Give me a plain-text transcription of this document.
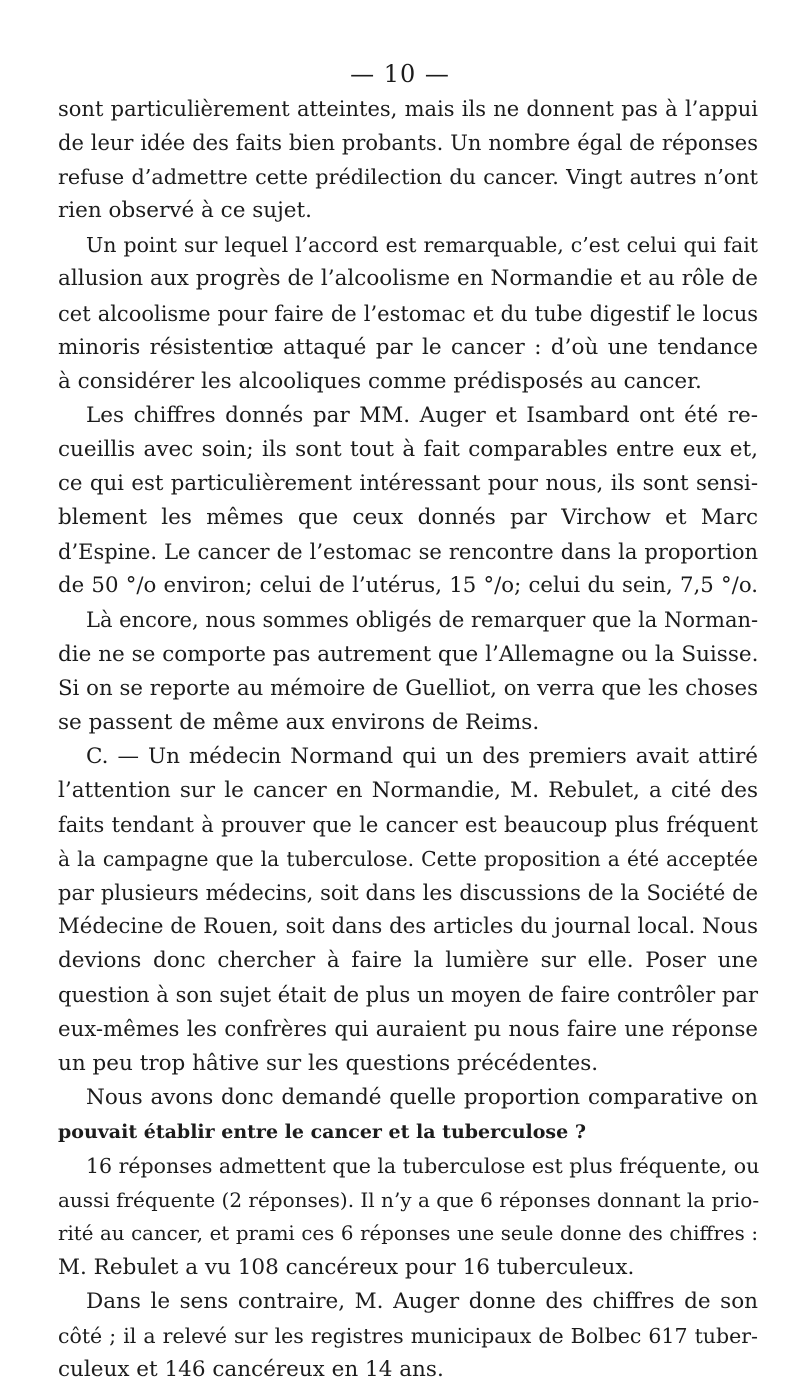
— 10 —
sont particulièrement atteintes, mais ils ne donnent pas à l’appui
de leur idée des faits bien probants. Un nombre égal de réponses
refuse d’admettre cette prédilection du cancer. Vingt autres n’ont
rien observé à ce sujet.
Un point sur lequel l’accord est remarquable, c’est celui qui fait
allusion aux progrès de l’alcoolisme en Normandie et au rôle de
cet alcoolisme pour faire de l’estomac et du tube digestif le locus
minoris résistentiœ attaqué par le cancer : d’où une tendance
à considérer les alcooliques comme prédisposés au cancer.
Les chiffres donnés par MM. Auger et Isambard ont été re-
cueillis avec soin; ils sont tout à fait comparables entre eux et,
ce qui est particulièrement intéressant pour nous, ils sont sensi-
blement les mêmes que ceux donnés par Virchow et Marc
d’Espine. Le cancer de l’estomac se rencontre dans la proportion
de 50 °/o environ; celui de l’utérus, 15 °/o; celui du sein, 7,5 °/o.
Là encore, nous sommes obligés de remarquer que la Norman-
die ne se comporte pas autrement que l’Allemagne ou la Suisse.
Si on se reporte au mémoire de Guelliot, on verra que les choses
se passent de même aux environs de Reims.
C. — Un médecin Normand qui un des premiers avait attiré
l’attention sur le cancer en Normandie, M. Rebulet, a cité des
faits tendant à prouver que le cancer est beaucoup plus fréquent
à la campagne que la tuberculose. Cette proposition a été acceptée
par plusieurs médecins, soit dans les discussions de la Société de
Médecine de Rouen, soit dans des articles du journal local. Nous
devions donc chercher à faire la lumière sur elle. Poser une
question à son sujet était de plus un moyen de faire contrôler par
eux-mêmes les confrères qui auraient pu nous faire une réponse
un peu trop hâtive sur les questions précédentes.
Nous avons donc demandé quelle proportion comparative on
pouvait établir entre le cancer et la tuberculose ?
16 réponses admettent que la tuberculose est plus fréquente, ou
aussi fréquente (2 réponses). Il n’y a que 6 réponses donnant la prio-
rité au cancer, et prami ces 6 réponses une seule donne des chiffres :
M. Rebulet a vu 108 cancéreux pour 16 tuberculeux.
Dans le sens contraire, M. Auger donne des chiffres de son
côté ; il a relevé sur les registres municipaux de Bolbec 617 tuber-
culeux et 146 cancéreux en 14 ans.
